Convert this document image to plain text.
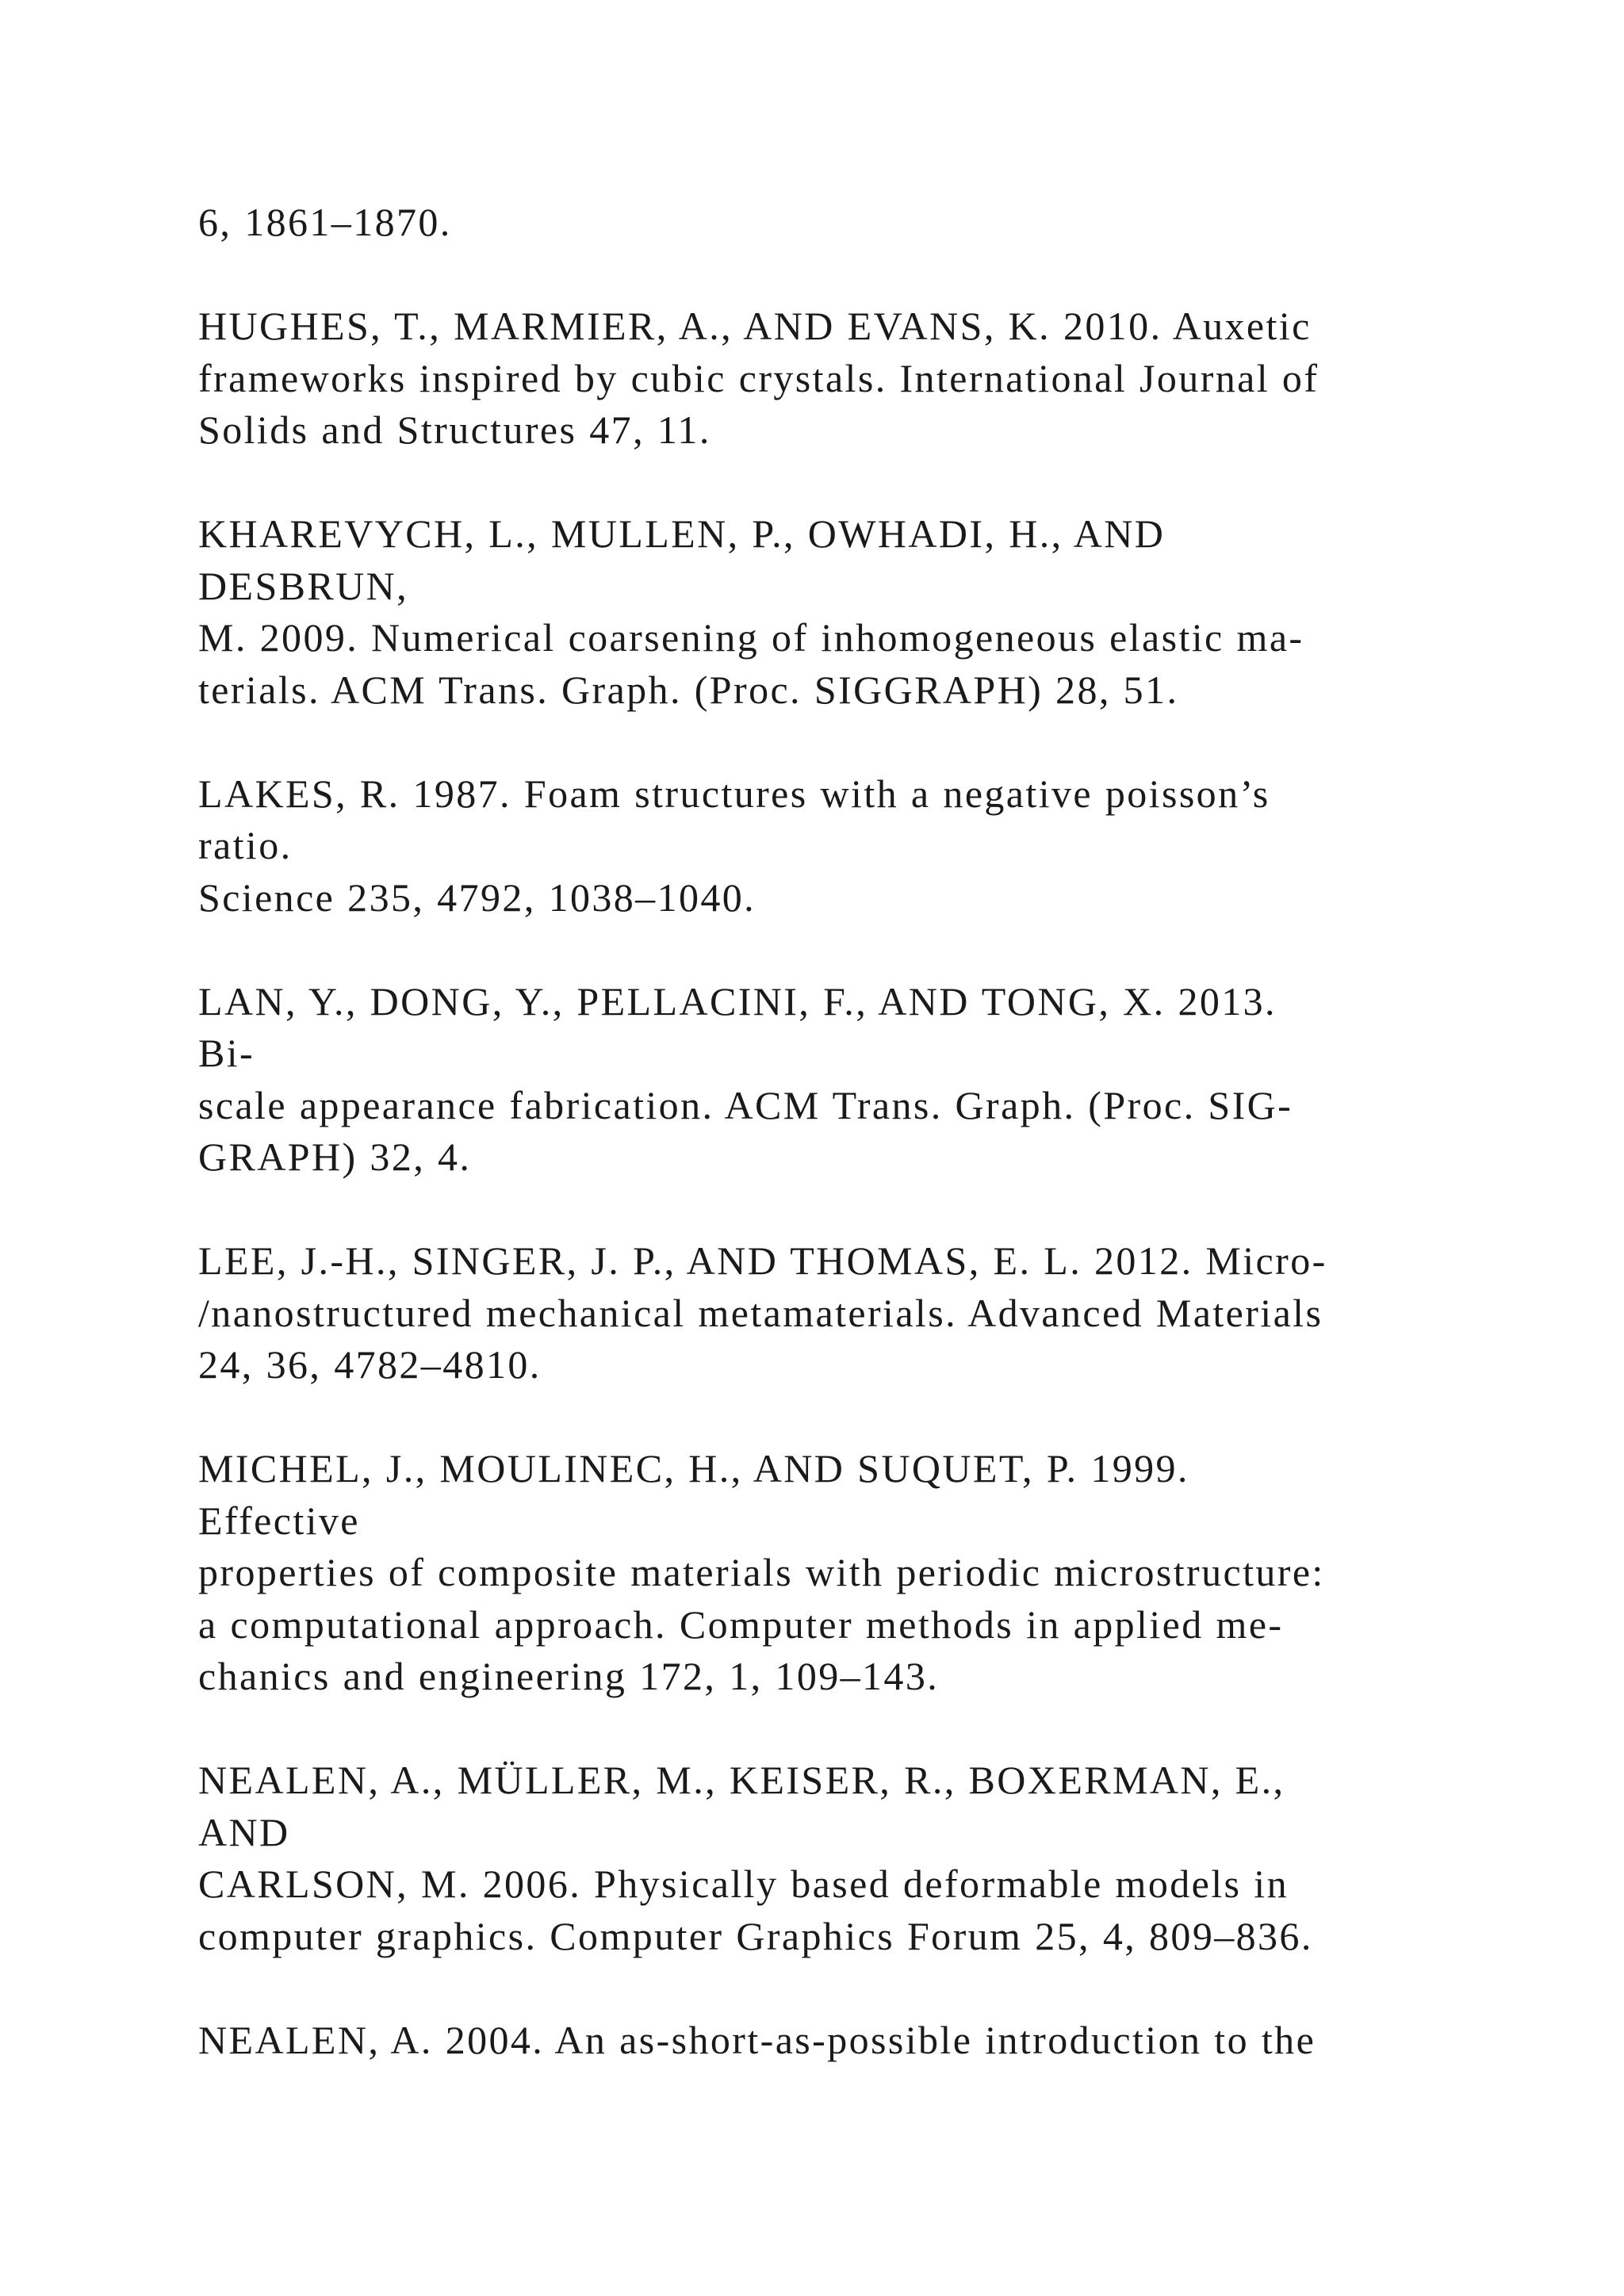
6, 1861–1870.
HUGHES, T., MARMIER, A., AND EVANS, K. 2010. Auxetic
frameworks inspired by cubic crystals. International Journal of
Solids and Structures 47, 11.
KHAREVYCH, L., MULLEN, P., OWHADI, H., AND
DESBRUN,
M. 2009. Numerical coarsening of inhomogeneous elastic ma-
terials. ACM Trans. Graph. (Proc. SIGGRAPH) 28, 51.
LAKES, R. 1987. Foam structures with a negative poisson’s
ratio.
Science 235, 4792, 1038–1040.
LAN, Y., DONG, Y., PELLACINI, F., AND TONG, X. 2013.
Bi-
scale appearance fabrication. ACM Trans. Graph. (Proc. SIG-
GRAPH) 32, 4.
LEE, J.-H., SINGER, J. P., AND THOMAS, E. L. 2012. Micro-
/nanostructured mechanical metamaterials. Advanced Materials
24, 36, 4782–4810.
MICHEL, J., MOULINEC, H., AND SUQUET, P. 1999.
Effective
properties of composite materials with periodic microstructure:
a computational approach. Computer methods in applied me-
chanics and engineering 172, 1, 109–143.
NEALEN, A., MÜLLER, M., KEISER, R., BOXERMAN, E.,
AND
CARLSON, M. 2006. Physically based deformable models in
computer graphics. Computer Graphics Forum 25, 4, 809–836.
NEALEN, A. 2004. An as-short-as-possible introduction to the
